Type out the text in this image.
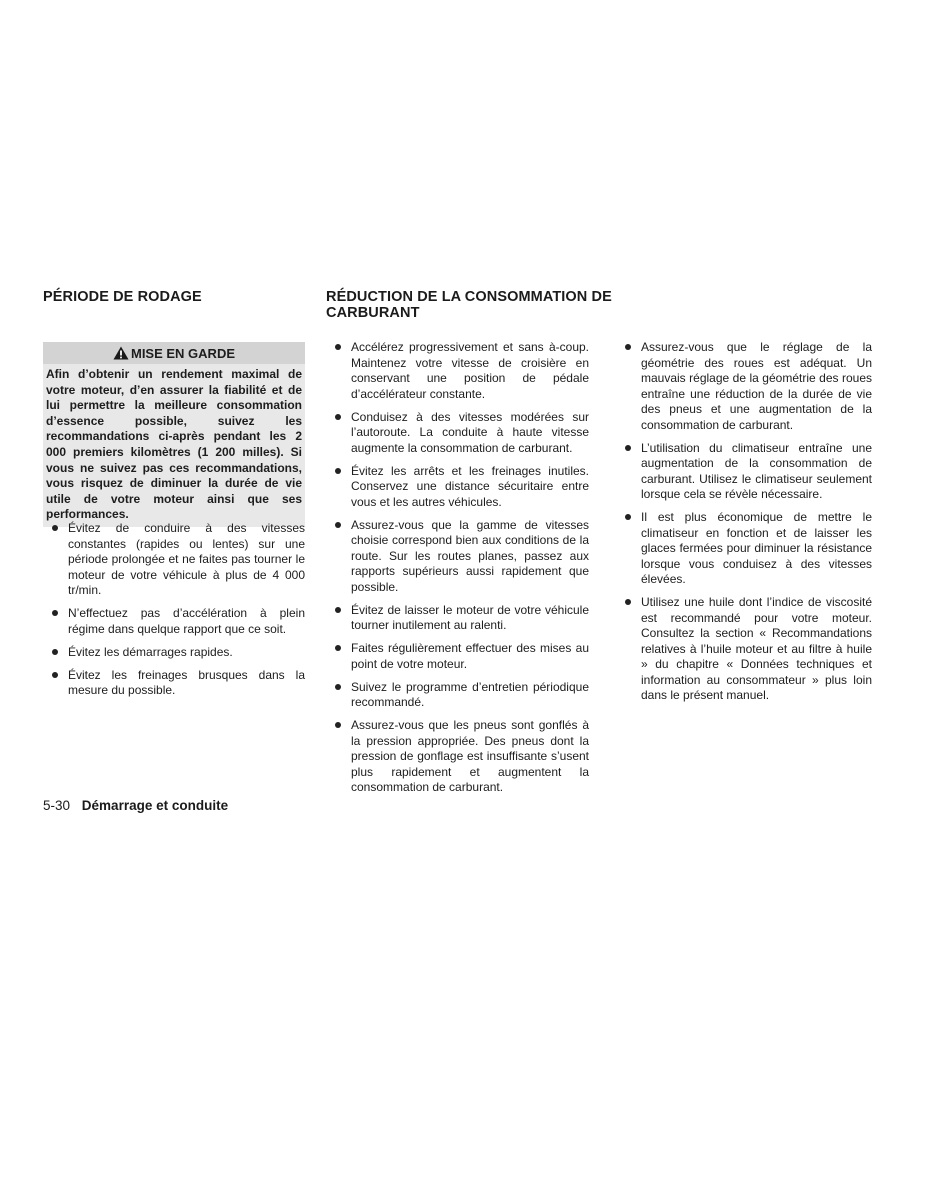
PÉRIODE DE RODAGE
MISE EN GARDE
Afin d’obtenir un rendement maximal de votre moteur, d’en assurer la fiabilité et de lui permettre la meilleure consommation d’essence possible, suivez les recommandations ci-après pendant les 2 000 premiers kilomètres (1 200 milles). Si vous ne suivez pas ces recommandations, vous risquez de diminuer la durée de vie utile de votre moteur ainsi que ses performances.
Évitez de conduire à des vitesses constantes (rapides ou lentes) sur une période prolongée et ne faites pas tourner le moteur de votre véhicule à plus de 4 000 tr/min.
N’effectuez pas d’accélération à plein régime dans quelque rapport que ce soit.
Évitez les démarrages rapides.
Évitez les freinages brusques dans la mesure du possible.
RÉDUCTION DE LA CONSOMMATION DE CARBURANT
Accélérez progressivement et sans à-coup. Maintenez votre vitesse de croisière en conservant une position de pédale d’accélérateur constante.
Conduisez à des vitesses modérées sur l’autoroute. La conduite à haute vitesse augmente la consommation de carburant.
Évitez les arrêts et les freinages inutiles. Conservez une distance sécuritaire entre vous et les autres véhicules.
Assurez-vous que la gamme de vitesses choisie correspond bien aux conditions de la route. Sur les routes planes, passez aux rapports supérieurs aussi rapidement que possible.
Évitez de laisser le moteur de votre véhicule tourner inutilement au ralenti.
Faites régulièrement effectuer des mises au point de votre moteur.
Suivez le programme d’entretien périodique recommandé.
Assurez-vous que les pneus sont gonflés à la pression appropriée. Des pneus dont la pression de gonflage est insuffisante s’usent plus rapidement et augmentent la consommation de carburant.
Assurez-vous que le réglage de la géométrie des roues est adéquat. Un mauvais réglage de la géométrie des roues entraîne une réduction de la durée de vie des pneus et une augmentation de la consommation de carburant.
L’utilisation du climatiseur entraîne une augmentation de la consommation de carburant. Utilisez le climatiseur seulement lorsque cela se révèle nécessaire.
Il est plus économique de mettre le climatiseur en fonction et de laisser les glaces fermées pour diminuer la résistance lorsque vous conduisez à des vitesses élevées.
Utilisez une huile dont l’indice de viscosité est recommandé pour votre moteur. Consultez la section « Recommandations relatives à l’huile moteur et au filtre à huile » du chapitre « Données techniques et information au consommateur » plus loin dans le présent manuel.
5-30 Démarrage et conduite
